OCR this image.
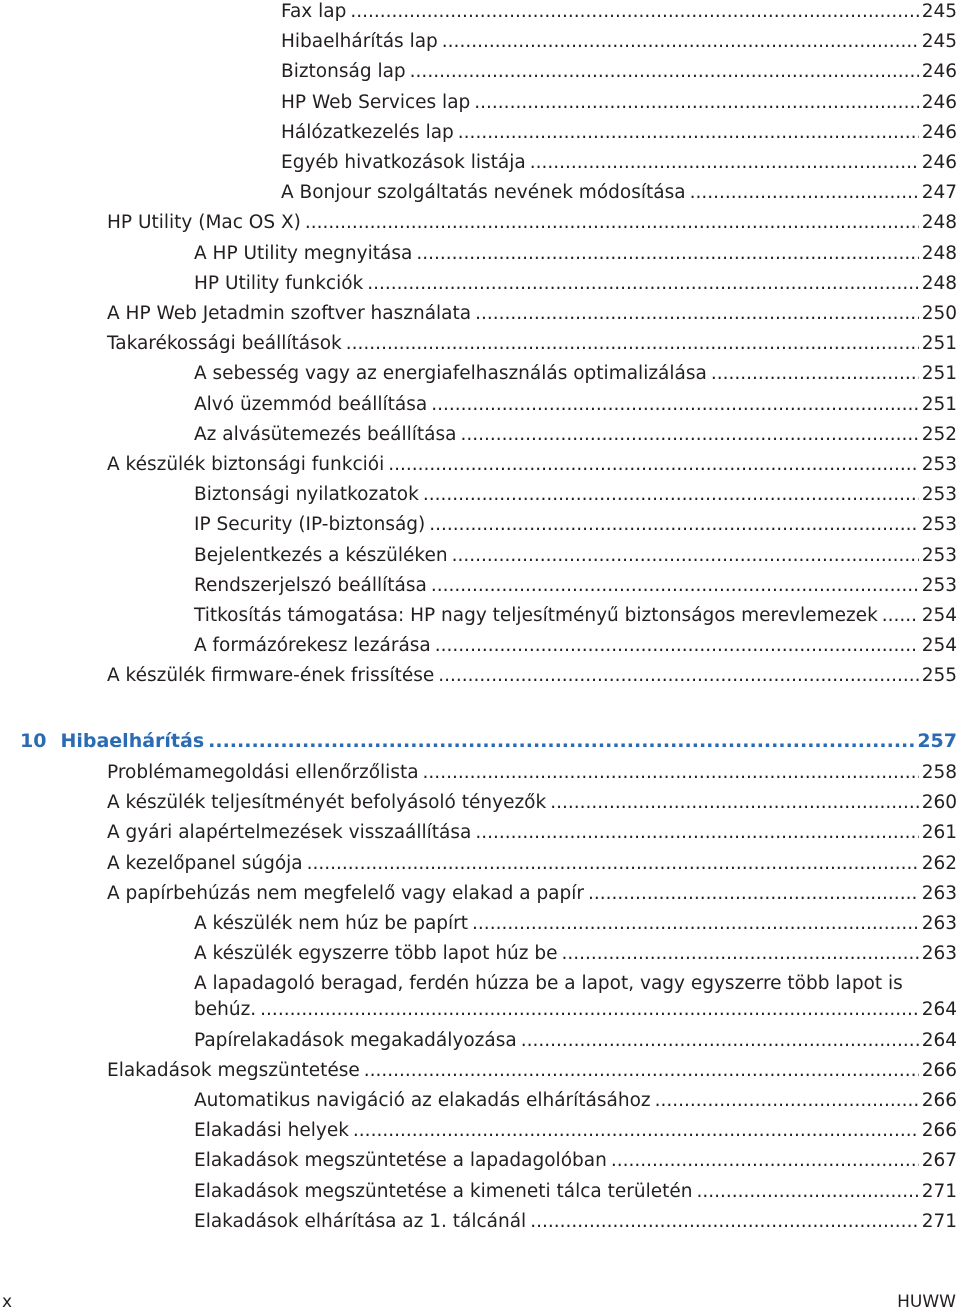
Fax lap .....	245
Hibaelhárítás lap .....	245
Biztonság lap .....	246
HP Web Services lap .....	246
Hálózatkezelés lap .....	246
Egyéb hivatkozások listája .....	246
A Bonjour szolgáltatás nevének módosítása .....	247
HP Utility (Mac OS X) .....	248
A HP Utility megnyitása .....	248
HP Utility funkciók .....	248
A HP Web Jetadmin szoftver használata .....	250
Takarékossági beállítások .....	251
A sebesség vagy az energiafelhasználás optimalizálása .....	251
Alvó üzemmód beállítása .....	251
Az alvásütemezés beállítása .....	252
A készülék biztonsági funkciói .....	253
Biztonsági nyilatkozatok .....	253
IP Security (IP-biztonság) .....	253
Bejelentkezés a készüléken .....	253
Rendszerjelszó beállítása .....	253
Titkosítás támogatása: HP nagy teljesítményű biztonságos merevlemezek ..... 254
A formázórekesz lezárása .....	254
A készülék firmware-ének frissítése .....	255
10 Hibaelhárítás .....	257
Problémamegoldási ellenőrzőlista .....	258
A készülék teljesítményét befolyásoló tényezők .....	260
A gyári alapértelmezések visszaállítása .....	261
A kezelőpanel súgója .....	262
A papírbehúzás nem megfelelő vagy elakad a papír .....	263
A készülék nem húz be papírt .....	263
A készülék egyszerre több lapot húz be .....	263
A lapadagoló beragad, ferdén húzza be a lapot, vagy egyszerre több lapot is
behúz. .....	264
Papírelakadások megakadályozása .....	264
Elakadások megszüntetése .....	266
Automatikus navigáció az elakadás elhárításához .....	266
Elakadási helyek .....	266
Elakadások megszüntetése a lapadagolóban .....	267
Elakadások megszüntetése a kimeneti tálca területén .....	271
Elakadások elhárítása az 1. tálcánál .....	271
x	HUWW
